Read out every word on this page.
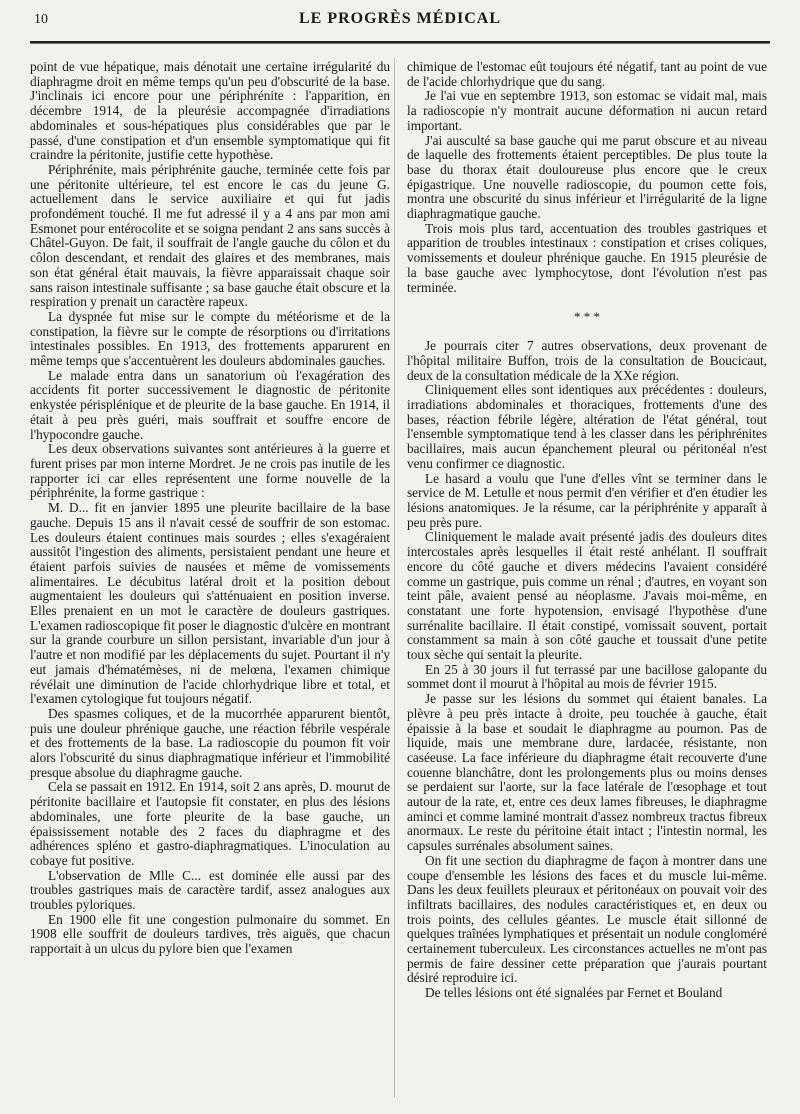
10	LE PROGRÈS MÉDICAL

point de vue hépatique, mais dénotait une certaine irrégularité du diaphragme droit en même temps qu'un peu d'obscurité de la base. J'inclinais ici encore pour une périphrénite : l'apparition, en décembre 1914, de la pleurésie accompagnée d'irradiations abdominales et sous-hépatiques plus considérables que par le passé, d'une constipation et d'un ensemble symptomatique qui fit craindre la péritonite, justifie cette hypothèse.

Périphrénite, mais périphrénite gauche, terminée cette fois par une péritonite ultérieure, tel est encore le cas du jeune G. actuellement dans le service auxiliaire et qui fut jadis profondément touché. Il me fut adressé il y a 4 ans par mon ami Esmonet pour entérocolite et se soigna pendant 2 ans sans succès à Châtel-Guyon. De fait, il souffrait de l'angle gauche du côlon et du côlon descendant, et rendait des glaires et des membranes, mais son état général était mauvais, la fièvre apparaissait chaque soir sans raison intestinale suffisante ; sa base gauche était obscure et la respiration y prenait un caractère rapeux.

La dyspnée fut mise sur le compte du météorisme et de la constipation, la fièvre sur le compte de résorptions ou d'irritations intestinales possibles. En 1913, des frottements apparurent en même temps que s'accentuèrent les douleurs abdominales gauches.

Le malade entra dans un sanatorium où l'exagération des accidents fit porter successivement le diagnostic de péritonite enkystée périsplénique et de pleurite de la base gauche. En 1914, il était à peu près guéri, mais souffrait et souffre encore de l'hypocondre gauche.

Les deux observations suivantes sont antérieures à la guerre et furent prises par mon interne Mordret. Je ne crois pas inutile de les rapporter ici car elles représentent une forme nouvelle de la périphrénite, la forme gastrique :

M. D... fit en janvier 1895 une pleurite bacillaire de la base gauche. Depuis 15 ans il n'avait cessé de souffrir de son estomac. Les douleurs étaient continues mais sourdes ; elles s'exagéraient aussitôt l'ingestion des aliments, persistaient pendant une heure et étaient parfois suivies de nausées et même de vomissements alimentaires. Le décubitus latéral droit et la position debout augmentaient les douleurs qui s'atténuaient en position inverse. Elles prenaient en un mot le caractère de douleurs gastriques. L'examen radioscopique fit poser le diagnostic d'ulcère en montrant sur la grande courbure un sillon persistant, invariable d'un jour à l'autre et non modifié par les déplacements du sujet. Pourtant il n'y eut jamais d'hématémèses, ni de melœna, l'examen chimique révélait une diminution de l'acide chlorhydrique libre et total, et l'examen cytologique fut toujours négatif.

Des spasmes coliques, et de la mucorrhée apparurent bientôt, puis une douleur phrénique gauche, une réaction fébrile vespérale et des frottements de la base. La radioscopie du poumon fit voir alors l'obscurité du sinus diaphragmatique inférieur et l'immobilité presque absolue du diaphragme gauche.

Cela se passait en 1912. En 1914, soit 2 ans après, D. mourut de péritonite bacillaire et l'autopsie fit constater, en plus des lésions abdominales, une forte pleurite de la base gauche, un épaississement notable des 2 faces du diaphragme et des adhérences spléno et gastro-diaphragmatiques. L'inoculation au cobaye fut positive.

L'observation de Mlle C... est dominée elle aussi par des troubles gastriques mais de caractère tardif, assez analogues aux troubles pyloriques.

En 1900 elle fit une congestion pulmonaire du sommet. En 1908 elle souffrit de douleurs tardives, très aiguës, que chacun rapportait à un ulcus du pylore bien que l'examen

chimique de l'estomac eût toujours été négatif, tant au point de vue de l'acide chlorhydrique que du sang.

Je l'ai vue en septembre 1913, son estomac se vidait mal, mais la radioscopie n'y montrait aucune déformation ni aucun retard important.

J'ai ausculté sa base gauche qui me parut obscure et au niveau de laquelle des frottements étaient perceptibles. De plus toute la base du thorax était douloureuse plus encore que le creux épigastrique. Une nouvelle radioscopie, du poumon cette fois, montra une obscurité du sinus inférieur et l'irrégularité de la ligne diaphragmatique gauche.

Trois mois plus tard, accentuation des troubles gastriques et apparition de troubles intestinaux : constipation et crises coliques, vomissements et douleur phrénique gauche. En 1915 pleurésie de la base gauche avec lymphocytose, dont l'évolution n'est pas terminée.

* * *

Je pourrais citer 7 autres observations, deux provenant de l'hôpital militaire Buffon, trois de la consultation de Boucicaut, deux de la consultation médicale de la XXe région.

Cliniquement elles sont identiques aux précédentes : douleurs, irradiations abdominales et thoraciques, frottements d'une des bases, réaction fébrile légère, altération de l'état général, tout l'ensemble symptomatique tend à les classer dans les périphrénites bacillaires, mais aucun épanchement pleural ou péritonéal n'est venu confirmer ce diagnostic.

Le hasard a voulu que l'une d'elles vînt se terminer dans le service de M. Letulle et nous permit d'en vérifier et d'en étudier les lésions anatomiques. Je la résume, car la périphrénite y apparaît à peu près pure.

Cliniquement le malade avait présenté jadis des douleurs dites intercostales après lesquelles il était resté anhélant. Il souffrait encore du côté gauche et divers médecins l'avaient considéré comme un gastrique, puis comme un rénal ; d'autres, en voyant son teint pâle, avaient pensé au néoplasme. J'avais moi-même, en constatant une forte hypotension, envisagé l'hypothèse d'une surrénalite bacillaire. Il était constipé, vomissait souvent, portait constamment sa main à son côté gauche et toussait d'une petite toux sèche qui sentait la pleurite.

En 25 à 30 jours il fut terrassé par une bacillose galopante du sommet dont il mourut à l'hôpital au mois de février 1915.

Je passe sur les lésions du sommet qui étaient banales. La plèvre à peu près intacte à droite, peu touchée à gauche, était épaissie à la base et soudait le diaphragme au poumon. Pas de liquide, mais une membrane dure, lardacée, résistante, non caséeuse. La face inférieure du diaphragme était recouverte d'une couenne blanchâtre, dont les prolongements plus ou moins denses se perdaient sur l'aorte, sur la face latérale de l'œsophage et tout autour de la rate, et, entre ces deux lames fibreuses, le diaphragme aminci et comme laminé montrait d'assez nombreux tractus fibreux anormaux. Le reste du péritoine était intact ; l'intestin normal, les capsules surrénales absolument saines.

On fit une section du diaphragme de façon à montrer dans une coupe d'ensemble les lésions des faces et du muscle lui-même. Dans les deux feuillets pleuraux et péritonéaux on pouvait voir des infiltrats bacillaires, des nodules caractéristiques et, en deux ou trois points, des cellules géantes. Le muscle était sillonné de quelques traînées lymphatiques et présentait un nodule congloméré certainement tuberculeux. Les circonstances actuelles ne m'ont pas permis de faire dessiner cette préparation que j'aurais pourtant désiré reproduire ici.

De telles lésions ont été signalées par Fernet et Bouland
